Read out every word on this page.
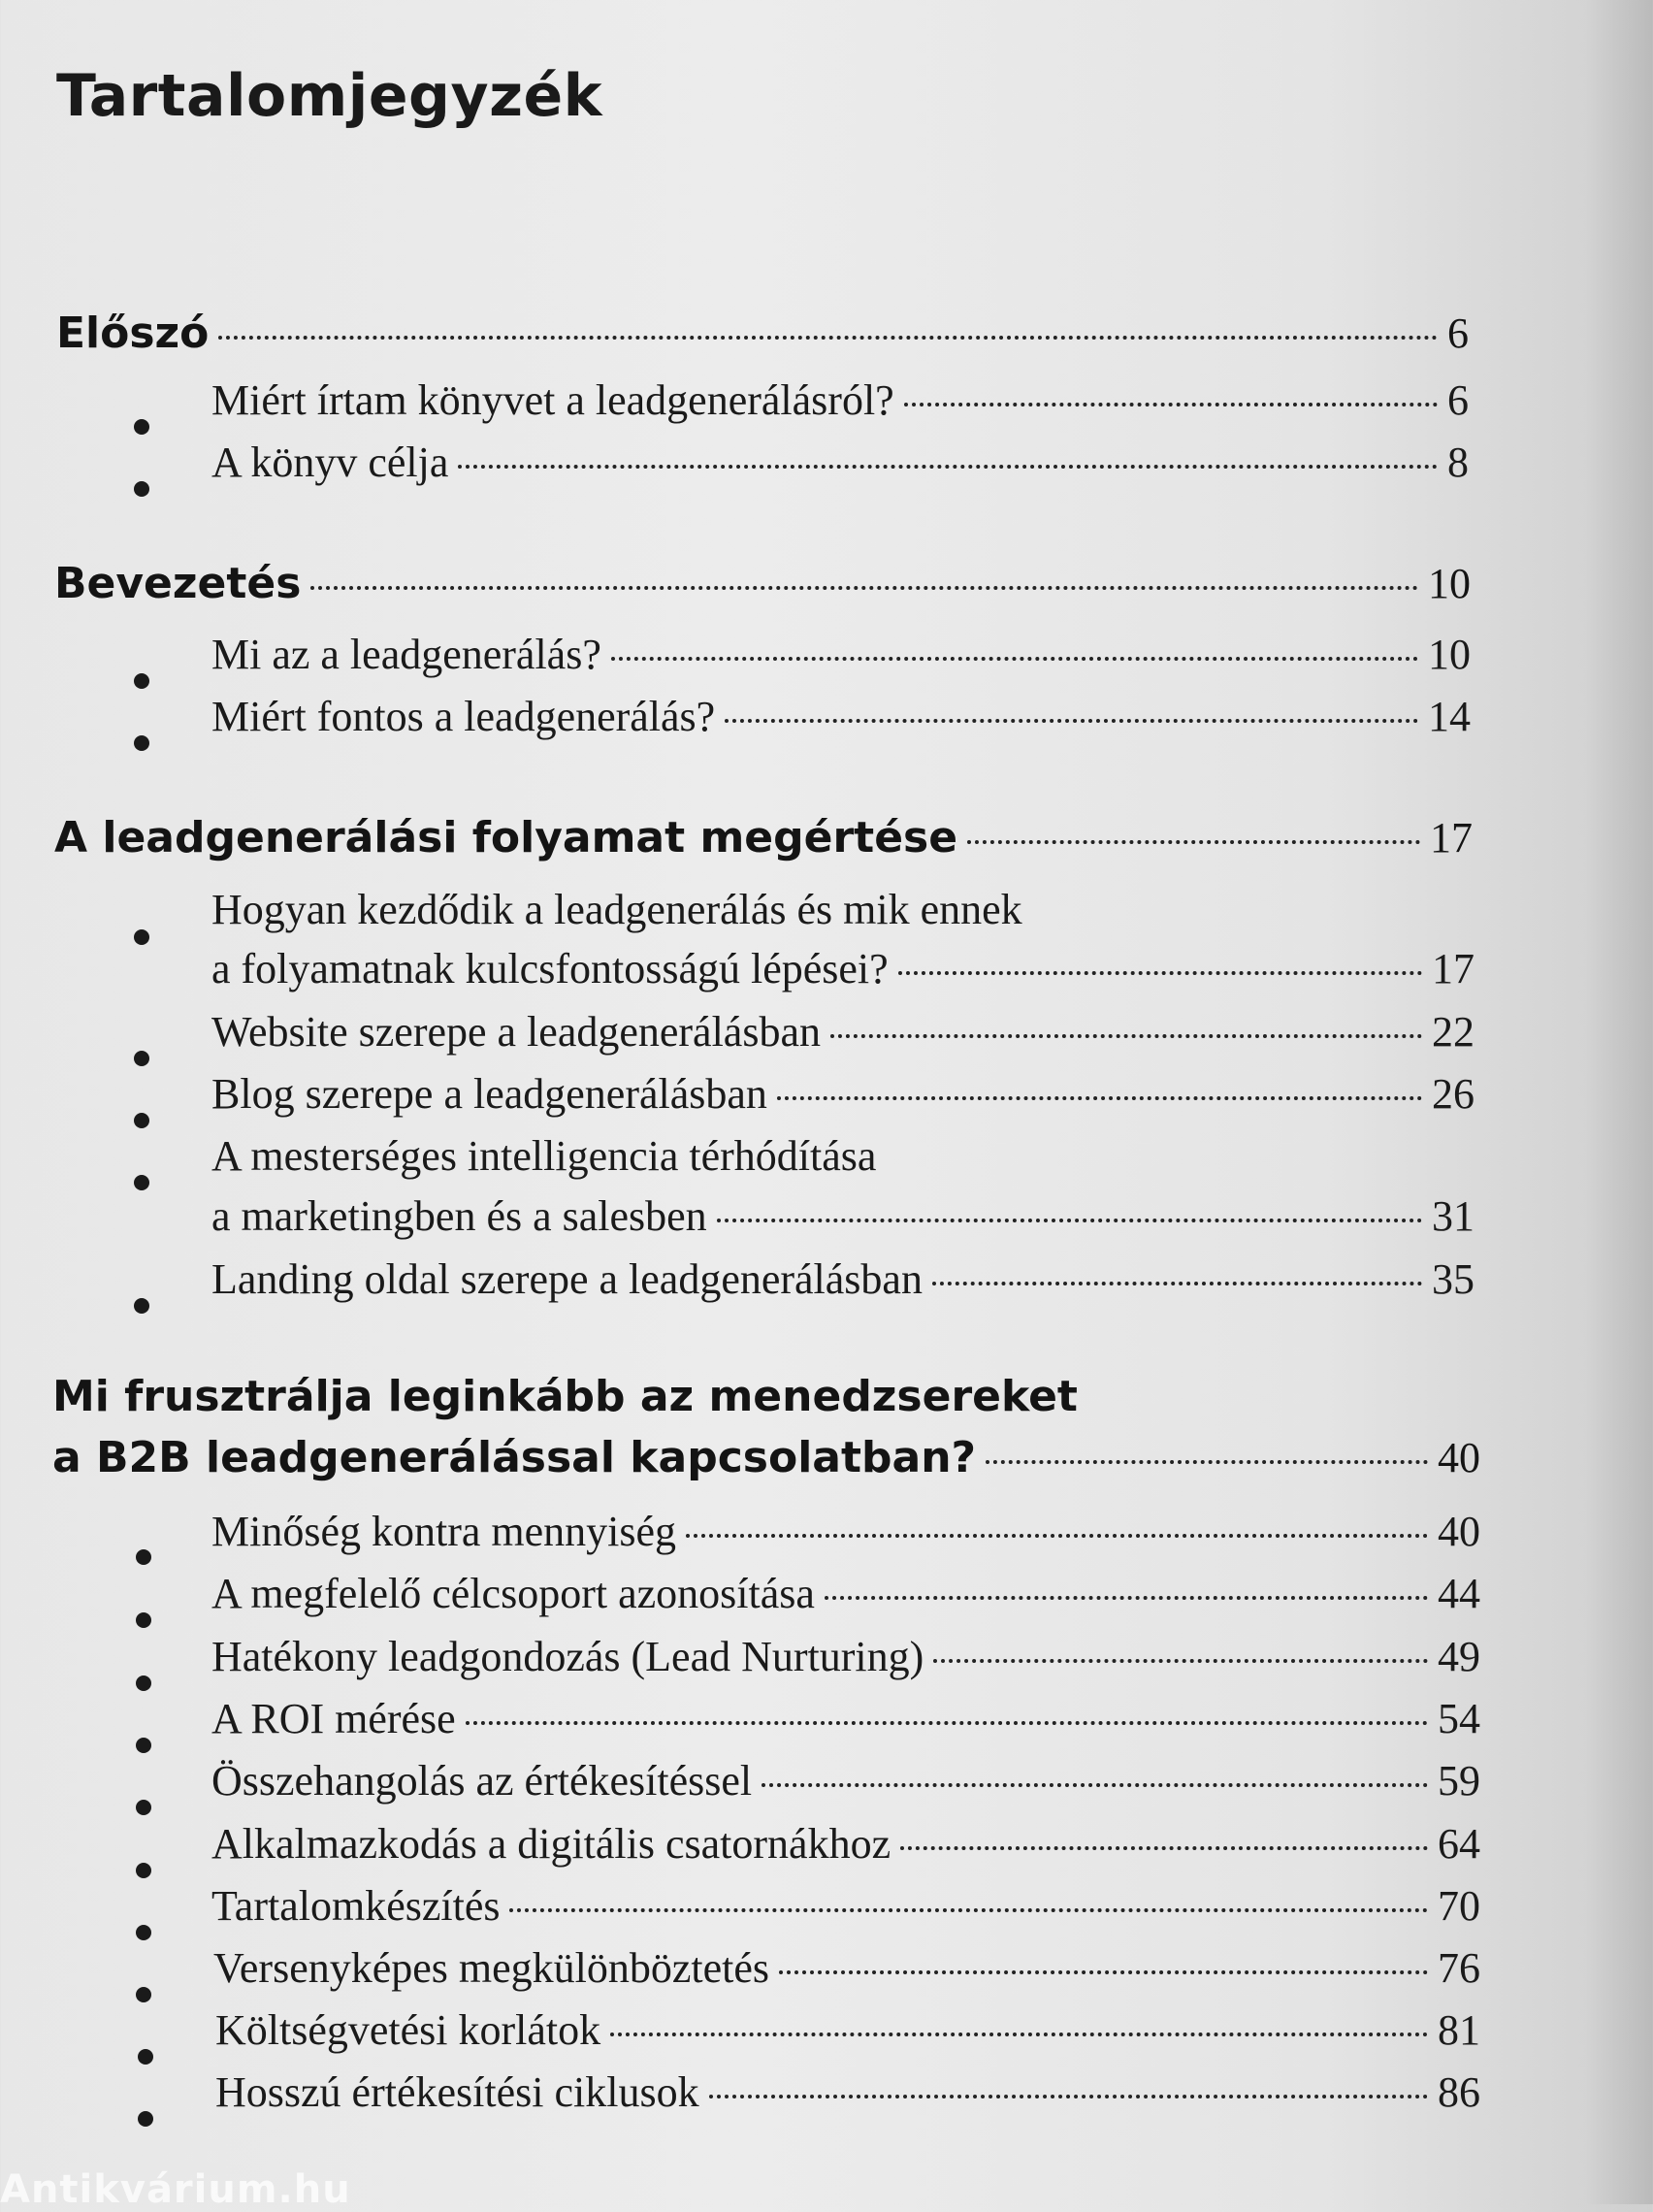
Tartalomjegyzék
Előszó	6
Miért írtam könyvet a leadgenerálásról?	6
A könyv célja	8
Bevezetés	10
Mi az a leadgenerálás?	10
Miért fontos a leadgenerálás?	14
A leadgenerálási folyamat megértése	17
Hogyan kezdődik a leadgenerálás és mik ennek
a folyamatnak kulcsfontosságú lépései?	17
Website szerepe a leadgenerálásban	22
Blog szerepe a leadgenerálásban	26
A mesterséges intelligencia térhódítása
a marketingben és a salesben	31
Landing oldal szerepe a leadgenerálásban	35
Mi frusztrálja leginkább az menedzsereket
a B2B leadgenerálással kapcsolatban?	40
Minőség kontra mennyiség	40
A megfelelő célcsoport azonosítása	44
Hatékony leadgondozás (Lead Nurturing)	49
A ROI mérése	54
Összehangolás az értékesítéssel	59
Alkalmazkodás a digitális csatornákhoz	64
Tartalomkészítés	70
Versenyképes megkülönböztetés	76
Költségvetési korlátok	81
Hosszú értékesítési ciklusok	86
Antikvárium.hu
